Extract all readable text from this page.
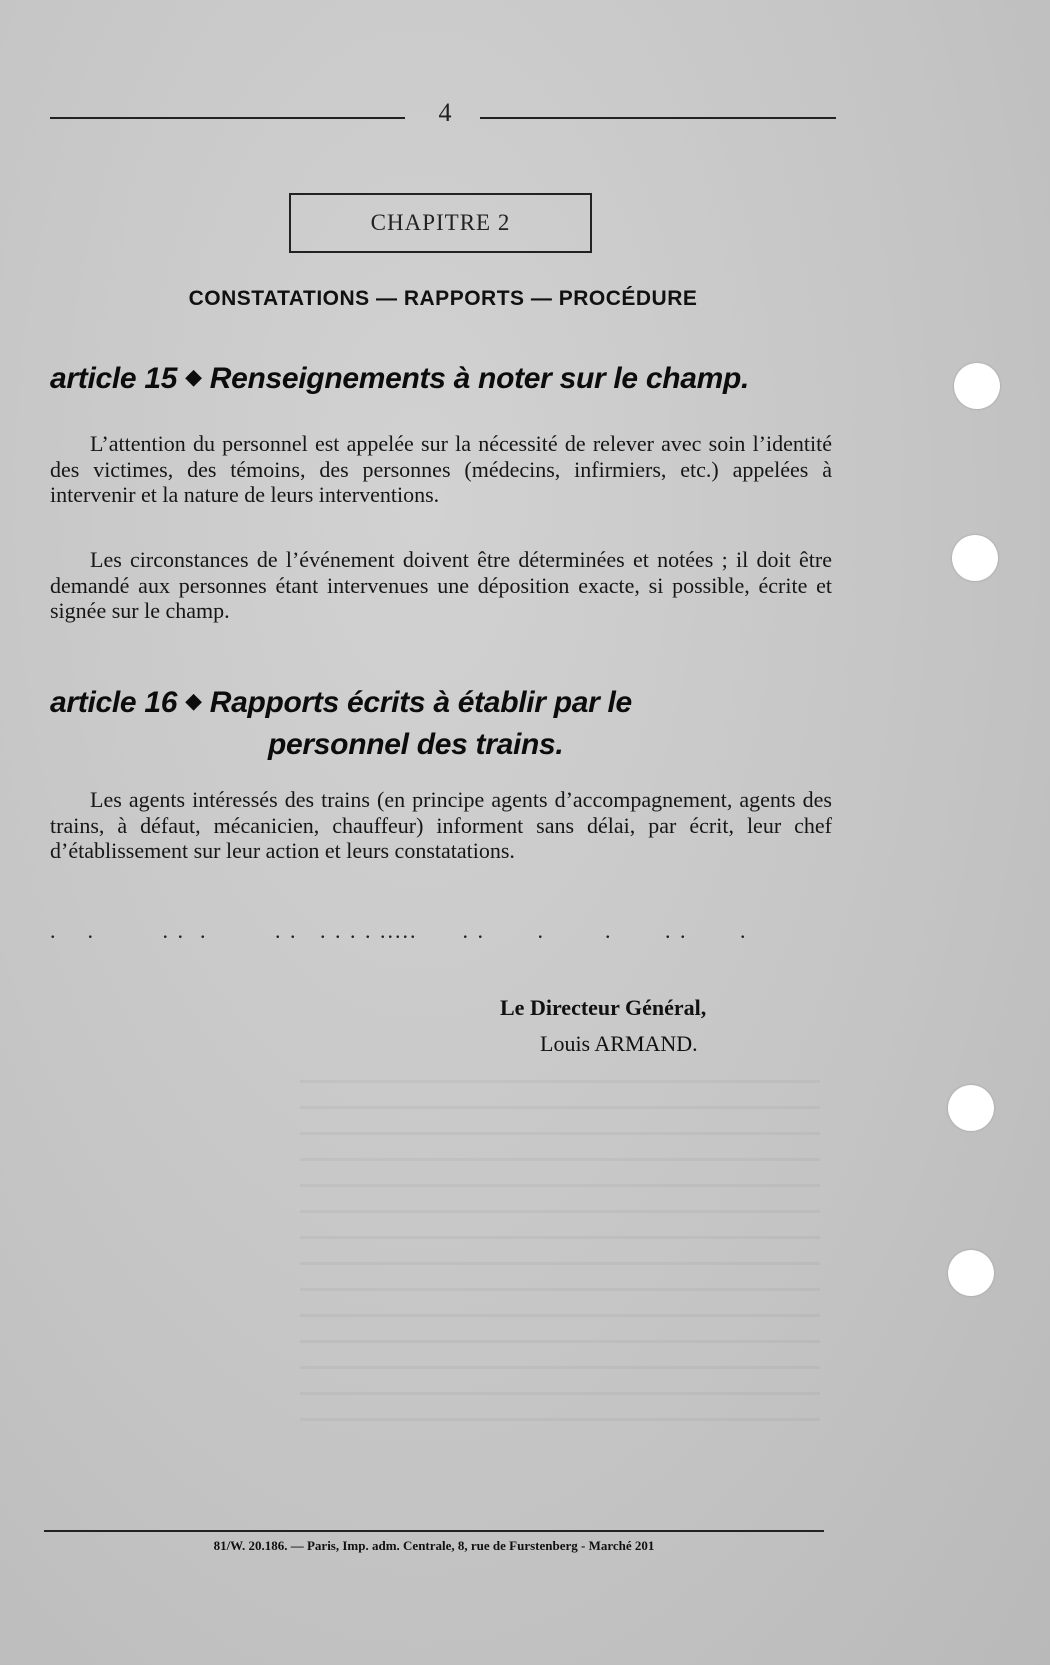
4
CHAPITRE 2
CONSTATATIONS — RAPPORTS — PROCÉDURE
article 15 ◆ Renseignements à noter sur le champ.
L’attention du personnel est appelée sur la nécessité de relever avec soin l’identité des victimes, des témoins, des personnes (médecins, infirmiers, etc.) appelées à intervenir et la nature de leurs interventions.
Les circonstances de l’événement doivent être déterminées et notées ; il doit être demandé aux personnes étant intervenues une déposition exacte, si possible, écrite et signée sur le champ.
article 16 ◆ Rapports écrits à établir par le
personnel des trains.
Les agents intéressés des trains (en principe agents d’accompagnement, agents des trains, à défaut, mécanicien, chauffeur) informent sans délai, par écrit, leur chef d’établissement sur leur action et leurs constatations.
.    .         . .  .         . .   . . . . .....      . .       .        .       . .       .
Le Directeur Général,
Louis ARMAND.
81/W. 20.186. — Paris, Imp. adm. Centrale, 8, rue de Furstenberg - Marché 201
